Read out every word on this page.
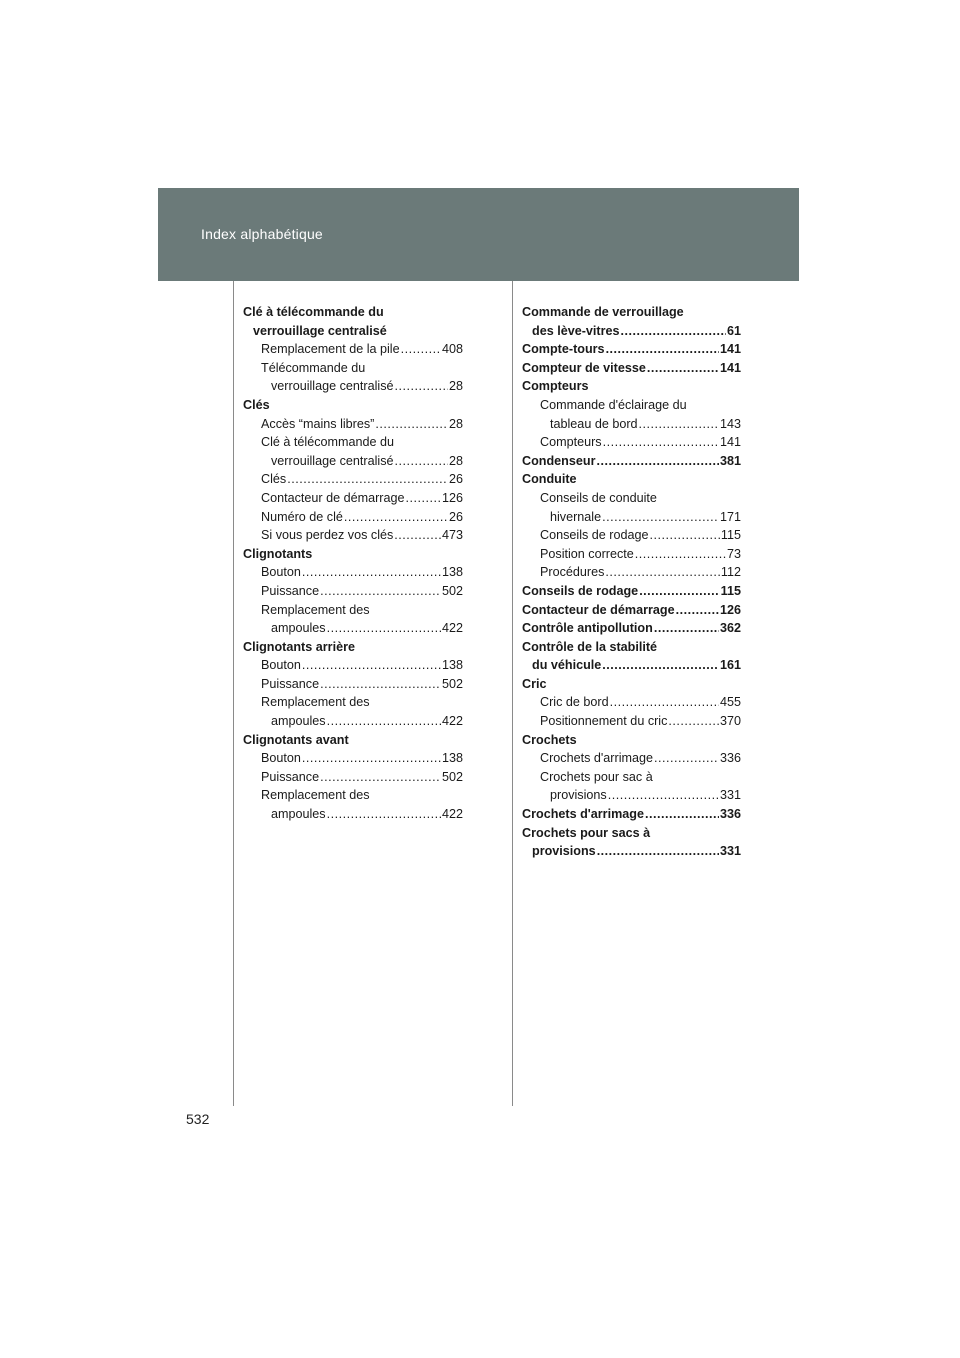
Index alphabétique
Clé à télécommande du
verrouillage centralisé
Remplacement de la pile .....	408
Télécommande du
verrouillage centralisé .....	28
Clés
Accès “mains libres” .....	28
Clé à télécommande du
verrouillage centralisé .....	28
Clés .....	26
Contacteur de démarrage .....	126
Numéro de clé .....	26
Si vous perdez vos clés .....	473
Clignotants
Bouton .....	138
Puissance .....	502
Remplacement des
ampoules .....	422
Clignotants arrière
Bouton .....	138
Puissance .....	502
Remplacement des
ampoules .....	422
Clignotants avant
Bouton .....	138
Puissance .....	502
Remplacement des
ampoules .....	422
Commande de verrouillage
des lève-vitres .....	61
Compte-tours .....	141
Compteur de vitesse .....	141
Compteurs
Commande d'éclairage du
tableau de bord .....	143
Compteurs .....	141
Condenseur .....	381
Conduite
Conseils de conduite
hivernale .....	171
Conseils de rodage .....	115
Position correcte .....	73
Procédures .....	112
Conseils de rodage .....	115
Contacteur de démarrage .....	126
Contrôle antipollution .....	362
Contrôle de la stabilité
du véhicule .....	161
Cric
Cric de bord .....	455
Positionnement du cric .....	370
Crochets
Crochets d'arrimage .....	336
Crochets pour sac à
provisions .....	331
Crochets d'arrimage .....	336
Crochets pour sacs à
provisions .....	331
532
